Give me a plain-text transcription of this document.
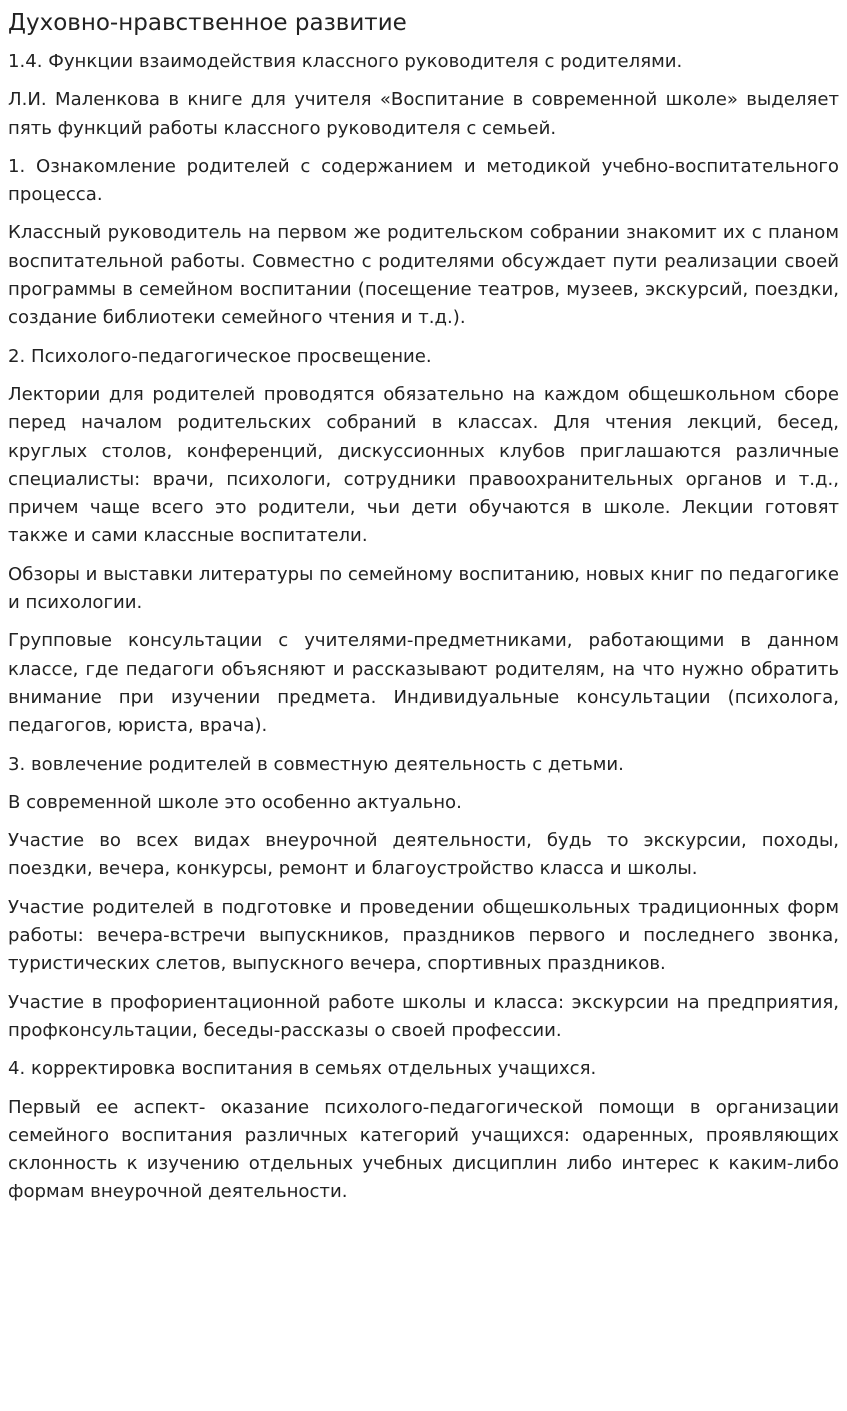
Духовно-нравственное развитие

1.4. Функции взаимодействия классного руководителя с родителями.

Л.И. Маленкова в книге для учителя «Воспитание в современной школе» выделяет пять функций работы классного руководителя с семьей.

1. Ознакомление родителей с содержанием и методикой учебно-воспитательного процесса.

Классный руководитель на первом же родительском собрании знакомит их с планом воспитательной работы. Совместно с родителями обсуждает пути реализации своей программы в семейном воспитании (посещение театров, музеев, экскурсий, поездки, создание библиотеки семейного чтения и т.д.).

2. Психолого-педагогическое просвещение.

Лектории для родителей проводятся обязательно на каждом общешкольном сборе перед началом родительских собраний в классах. Для чтения лекций, бесед, круглых столов, конференций, дискуссионных клубов приглашаются различные специалисты: врачи, психологи, сотрудники правоохранительных органов и т.д., причем чаще всего это родители, чьи дети обучаются в школе. Лекции готовят также и сами классные воспитатели.

Обзоры и выставки литературы по семейному воспитанию, новых книг по педагогике и психологии.

Групповые консультации с учителями-предметниками, работающими в данном классе, где педагоги объясняют и рассказывают родителям, на что нужно обратить внимание при изучении предмета. Индивидуальные консультации (психолога, педагогов, юриста, врача).

3. вовлечение родителей в совместную деятельность с детьми.

В современной школе это особенно актуально.

Участие во всех видах внеурочной деятельности, будь то экскурсии, походы, поездки, вечера, конкурсы, ремонт и благоустройство класса и школы.

Участие родителей в подготовке и проведении общешкольных традиционных форм работы: вечера-встречи выпускников, праздников первого и последнего звонка, туристических слетов, выпускного вечера, спортивных праздников.

Участие в профориентационной работе школы и класса: экскурсии на предприятия, профконсультации, беседы-рассказы о своей профессии.

4. корректировка воспитания в семьях отдельных учащихся.

Первый ее аспект- оказание психолого-педагогической помощи в организации семейного воспитания различных категорий учащихся: одаренных, проявляющих склонность к изучению отдельных учебных дисциплин либо интерес к каким-либо формам внеурочной деятельности.
